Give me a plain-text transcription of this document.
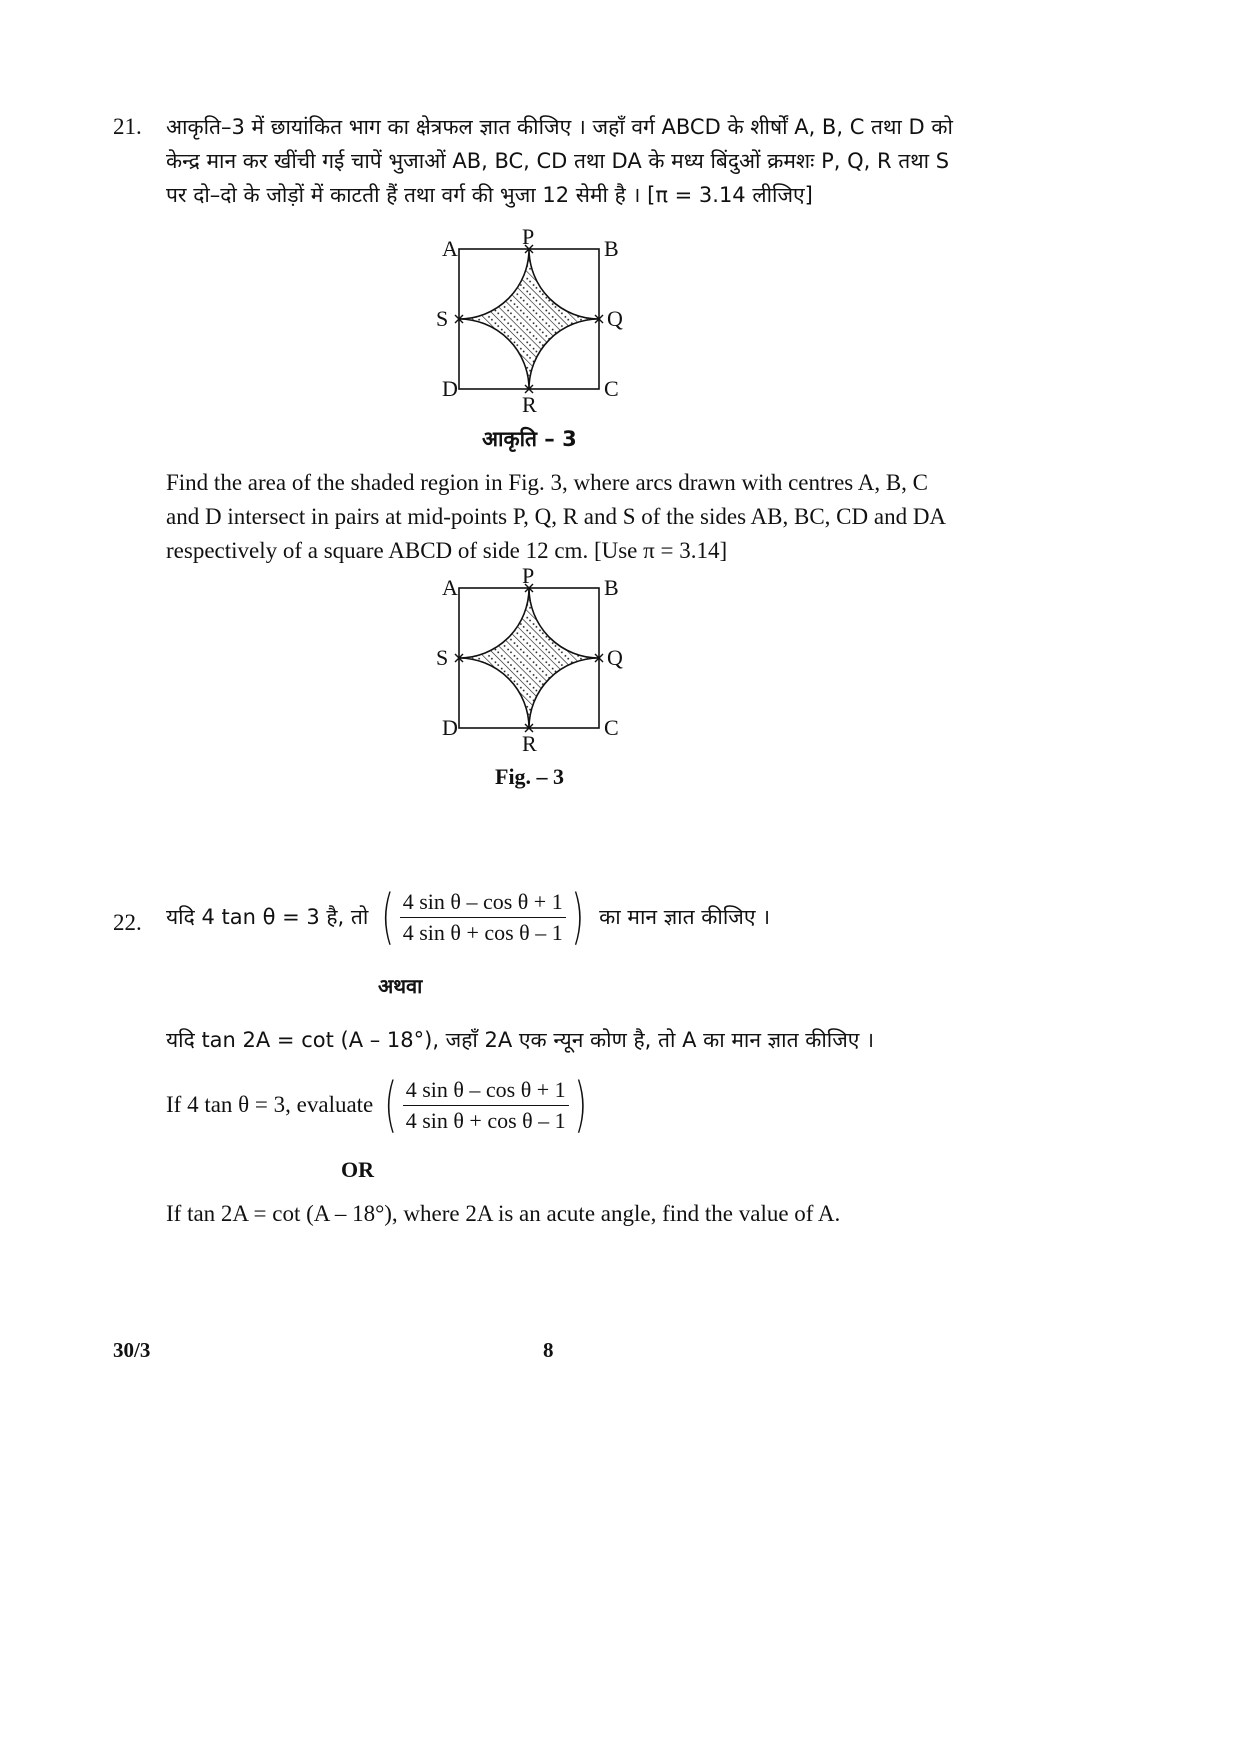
21. आकृति–3 में छायांकित भाग का क्षेत्रफल ज्ञात कीजिए । जहाँ वर्ग ABCD के शीर्षों A, B, C तथा D को
केन्द्र मान कर खींची गई चापें भुजाओं AB, BC, CD तथा DA के मध्य बिंदुओं क्रमशः P, Q, R तथा S
पर दो–दो के जोड़ों में काटती हैं तथा वर्ग की भुजा 12 सेमी है । [π = 3.14 लीजिए]
A	P	B
S	Q
D	C
R
आकृति – 3
Find the area of the shaded region in Fig. 3, where arcs drawn with centres A, B, C
and D intersect in pairs at mid-points P, Q, R and S of the sides AB, BC, CD and DA
respectively of a square ABCD of side 12 cm. [Use π = 3.14]
A	P	B
S	Q
D	C
R
Fig. – 3
22. यदि 4 tan θ = 3 है, तो ( $\frac{\text{4 sin θ – cos θ + 1}}{\text{4 sin θ + cos θ – 1}}$ ) का मान ज्ञात कीजिए ।
अथवा
यदि tan 2A = cot (A – 18°), जहाँ 2A एक न्यून कोण है, तो A का मान ज्ञात कीजिए ।
If 4 tan θ = 3, evaluate ( $\frac{\text{4 sin θ – cos θ + 1}}{\text{4 sin θ + cos θ – 1}}$ )
OR
If tan 2A = cot (A – 18°), where 2A is an acute angle, find the value of A.
30/3	8
